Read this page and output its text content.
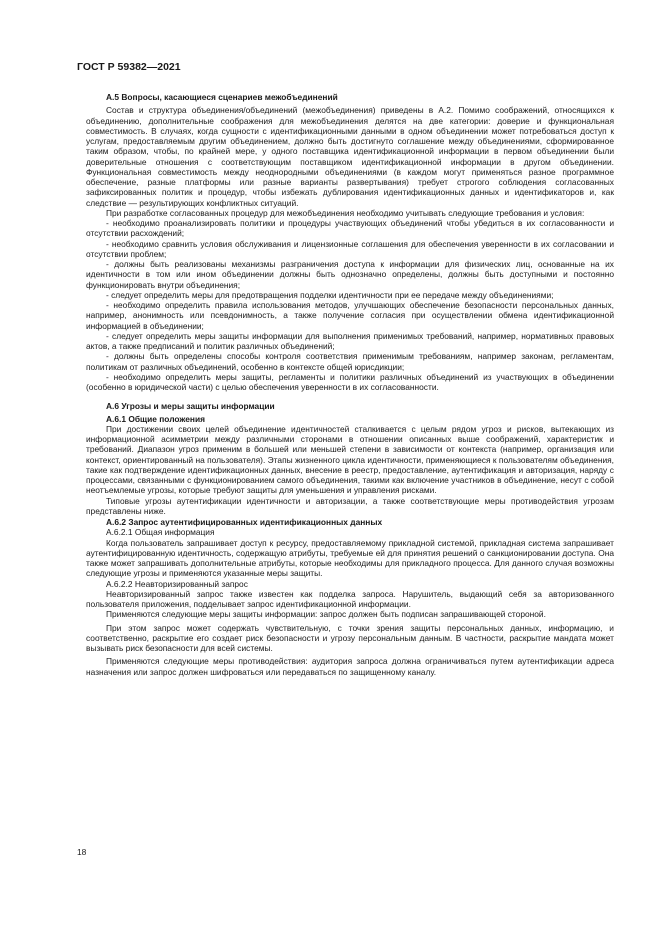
ГОСТ Р 59382—2021
А.5 Вопросы, касающиеся сценариев межобъединений

Состав и структура объединения/объединений (межобъединения) приведены в А.2. Помимо соображений, относящихся к объединению, дополнительные соображения для межобъединения делятся на две категории: доверие и функциональная совместимость. В случаях, когда сущности с идентификационными данными в одном объединении может потребоваться доступ к услугам, предоставляемым другим объединением, должно быть достигнуто соглашение между объединениями, сформированное таким образом, чтобы, по крайней мере, у одного поставщика идентификационной информации в первом объединении были доверительные отношения с соответствующим поставщиком идентификационной информации в другом объединении. Функциональная совместимость между неоднородными объединениями (в каждом могут применяться разное программное обеспечение, разные платформы или разные варианты развертывания) требует строгого соблюдения согласованных зафиксированных политик и процедур, чтобы избежать дублирования идентификационных данных и идентификаторов и, как следствие — результирующих конфликтных ситуаций.

При разработке согласованных процедур для межобъединения необходимо учитывать следующие требования и условия:

- необходимо проанализировать политики и процедуры участвующих объединений чтобы убедиться в их согласованности и отсутствии расхождений;

- необходимо сравнить условия обслуживания и лицензионные соглашения для обеспечения уверенности в их согласовании и отсутствии проблем;

- должны быть реализованы механизмы разграничения доступа к информации для физических лиц, основанные на их идентичности в том или ином объединении должны быть однозначно определены, должны быть доступными и постоянно функционировать внутри объединения;

- следует определить меры для предотвращения подделки идентичности при ее передаче между объединениями;

- необходимо определить правила использования методов, улучшающих обеспечение безопасности персональных данных, например, анонимность или псевдонимность, а также получение согласия при осуществлении обмена идентификационной информацией в объединении;

- следует определить меры защиты информации для выполнения применимых требований, например, нормативных правовых актов, а также предписаний и политик различных объединений;

- должны быть определены способы контроля соответствия применимым требованиям, например законам, регламентам, политикам от различных объединений, особенно в контексте общей юрисдикции;

- необходимо определить меры защиты, регламенты и политики различных объединений из участвующих в объединении (особенно в юридической части) с целью обеспечения уверенности в их согласованности.

А.6 Угрозы и меры защиты информации
А.6.1 Общие положения

При достижении своих целей объединение идентичностей сталкивается с целым рядом угроз и рисков, вытекающих из информационной асимметрии между различными сторонами в отношении описанных выше соображений, характеристик и требований. Диапазон угроз применим в большей или меньшей степени в зависимости от контекста (например, организация или контекст, ориентированный на пользователя). Этапы жизненного цикла идентичности, применяющиеся к пользователям объединения, такие как подтверждение идентификационных данных, внесение в реестр, предоставление, аутентификация и авторизация, наряду с процессами, связанными с функционированием самого объединения, такими как включение участников в объединение, несут с собой неотъемлемые угрозы, которые требуют защиты для уменьшения и управления рисками.

Типовые угрозы аутентификации идентичности и авторизации, а также соответствующие меры противодействия угрозам представлены ниже.

А.6.2 Запрос аутентифицированных идентификационных данных
А.6.2.1 Общая информация

Когда пользователь запрашивает доступ к ресурсу, предоставляемому прикладной системой, прикладная система запрашивает аутентифицированную идентичность, содержащую атрибуты, требуемые ей для принятия решений о санкционировании доступа. Она также может запрашивать дополнительные атрибуты, которые необходимы для прикладного процесса. Для данного случая возможны следующие угрозы и применяются указанные меры защиты.

А.6.2.2 Неавторизированный запрос

Неавторизированный запрос также известен как подделка запроса. Нарушитель, выдающий себя за авторизованного пользователя приложения, подделывает запрос идентификационной информации.

Применяются следующие меры защиты информации: запрос должен быть подписан запрашивающей стороной.

При этом запрос может содержать чувствительную, с точки зрения защиты персональных данных, информацию, и соответственно, раскрытие его создает риск безопасности и угрозу персональным данным. В частности, раскрытие мандата может вызывать риск безопасности для всей системы.

Применяются следующие меры противодействия: аудитория запроса должна ограничиваться путем аутентификации адреса назначения или запрос должен шифроваться или передаваться по защищенному каналу.

18
